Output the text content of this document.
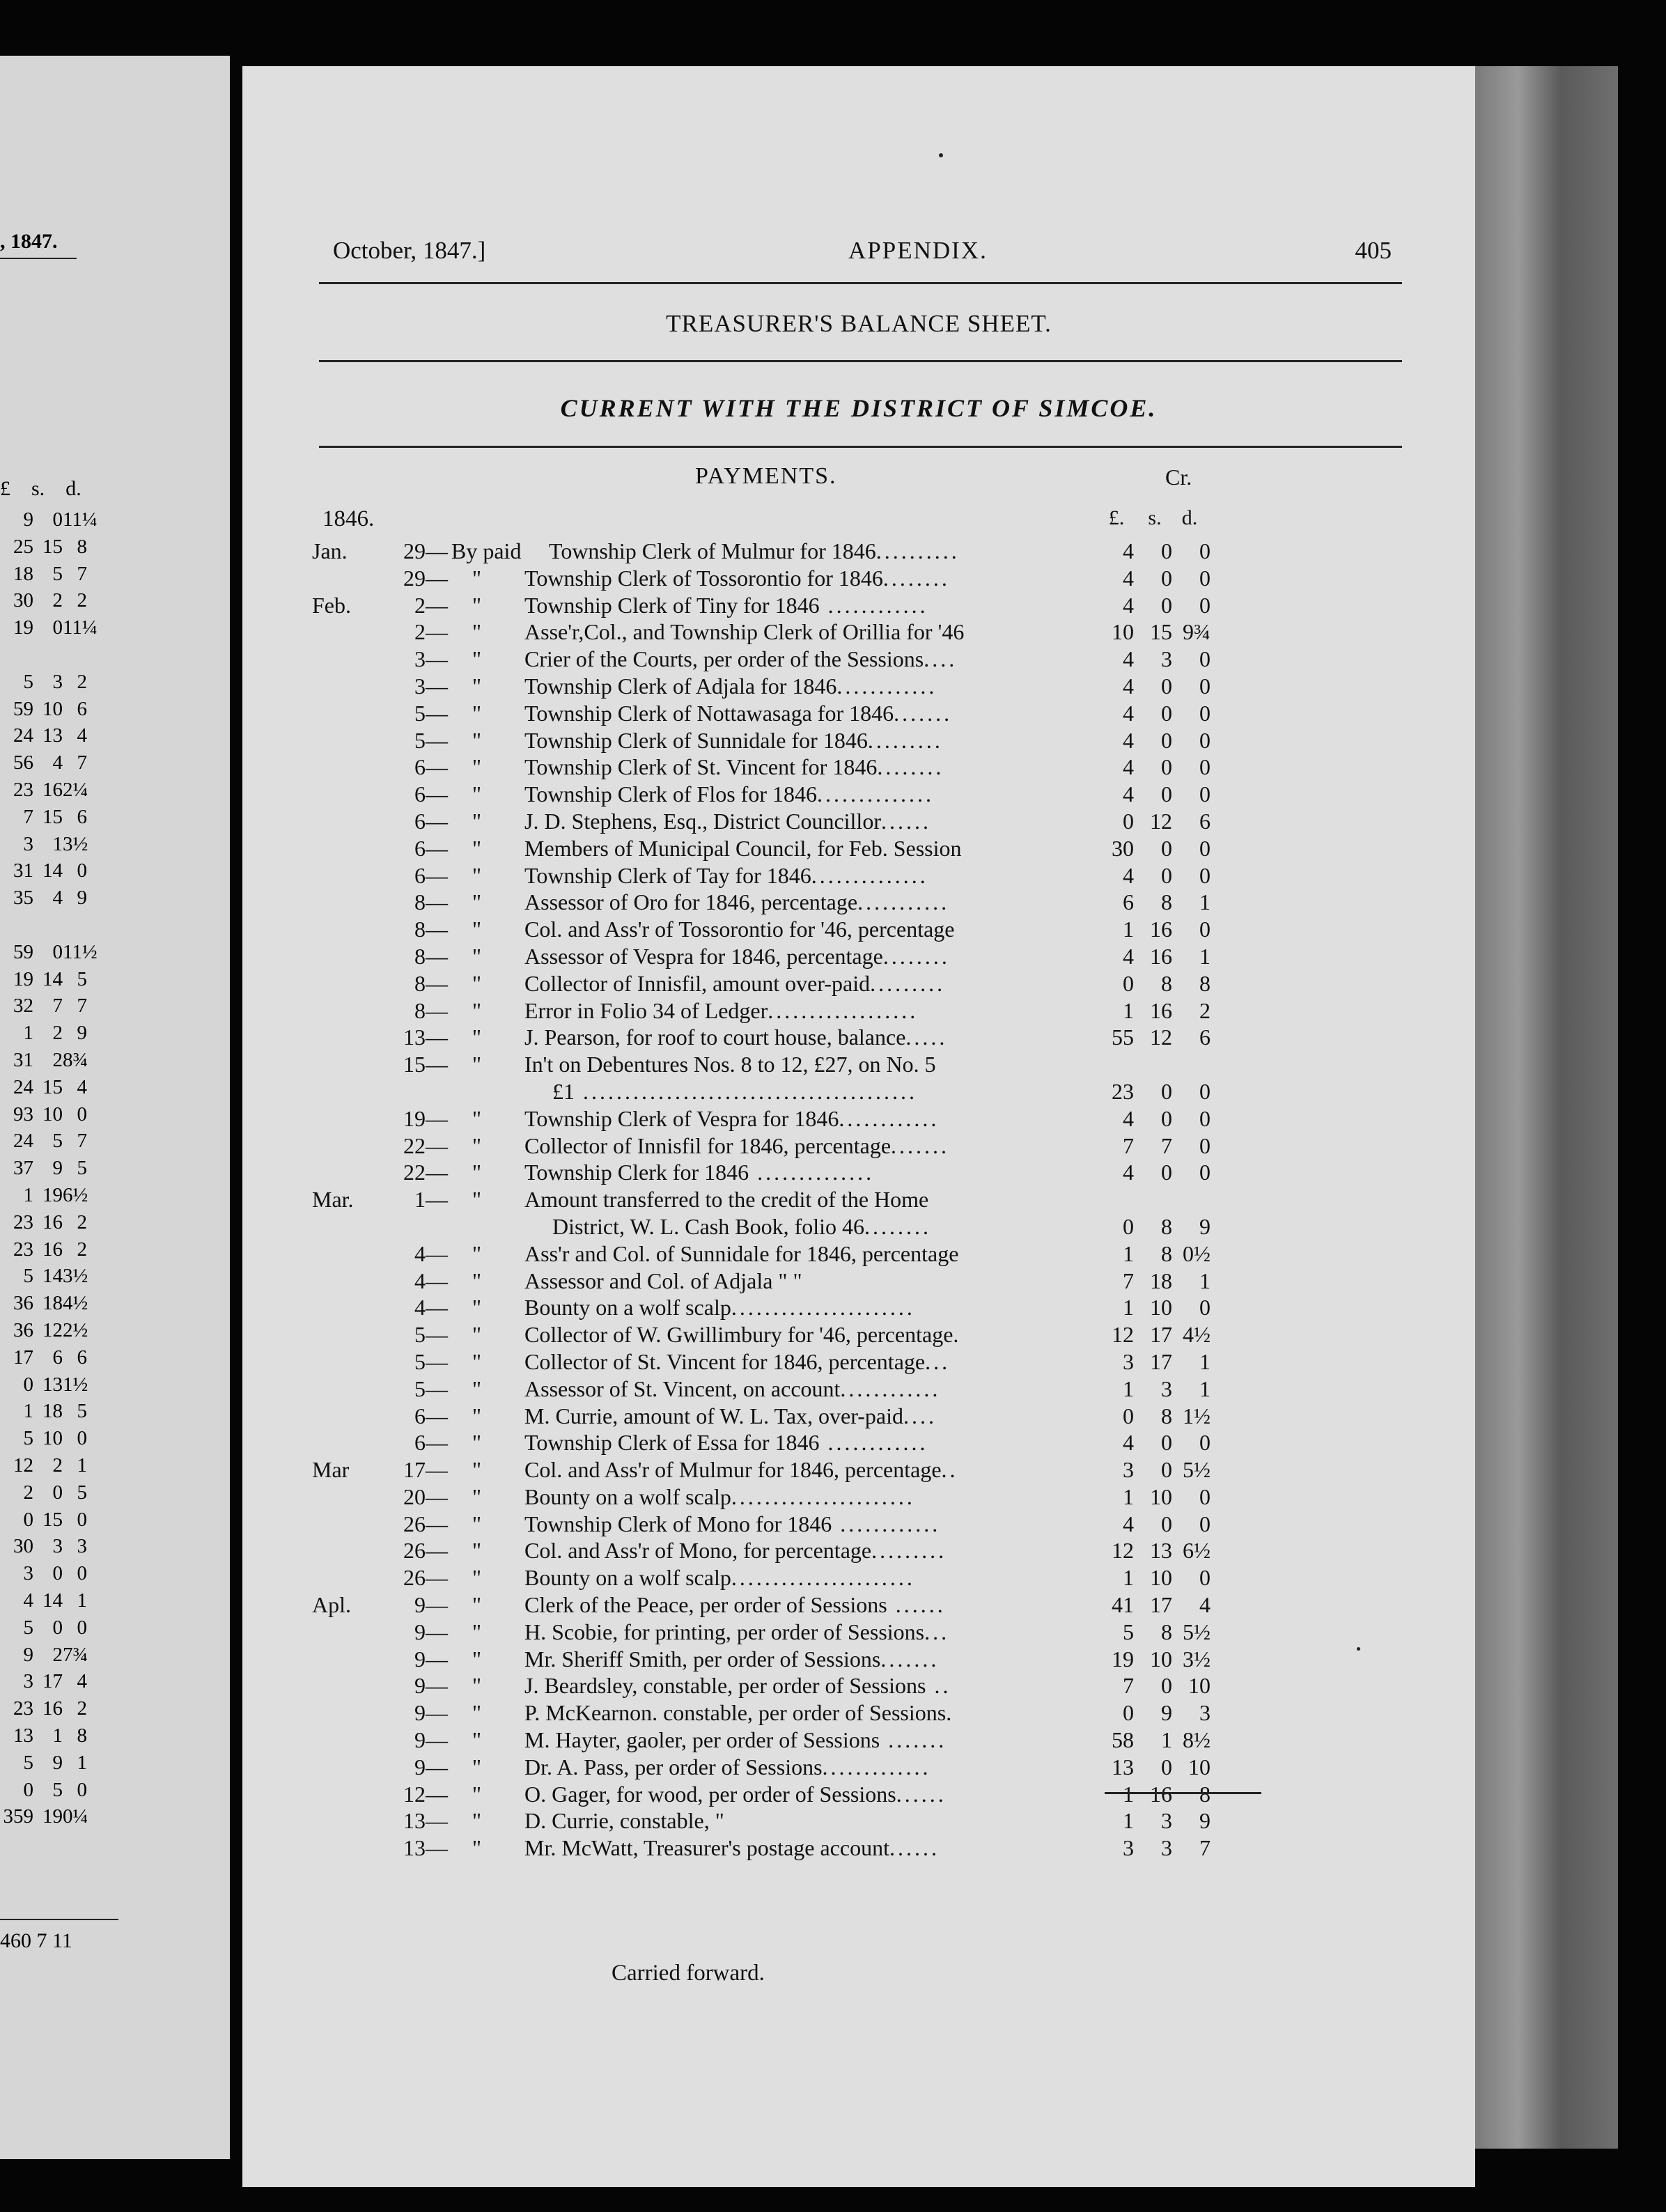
, 1847.
£ s. d.
9 0 11¼
25 15 8
18 5 7
30 2 2
19 0 11¼
5 3 2
59 10 6
24 13 4
56 4 7
23 16 2¼
7 15 6
3 1 3½
31 14 0
35 4 9
59 0 11½
19 14 5
32 7 7
1 2 9
31 2 8¾
24 15 4
93 10 0
24 5 7
37 9 5
1 19 6½
23 16 2
23 16 2
5 14 3½
36 18 4½
36 12 2½
17 6 6
0 13 1½
1 18 5
5 10 0
12 2 1
2 0 5
0 15 0
30 3 3
3 0 0
4 14 1
5 0 0
9 2 7¾
3 17 4
23 16 2
13 1 8
5 9 1
0 5 0
359 19 0¼
460 7 11
October, 1847.]	APPENDIX.	405
TREASURER'S BALANCE SHEET.
CURRENT WITH THE DISTRICT OF SIMCOE.
PAYMENTS.	Cr.
1846.	£.	s. d.
Jan.	29— By paid Township Clerk of Mulmur for 1846..........	4	0	0
29— " Township Clerk of Tossorontio for 1846........	4	0	0
Feb.	2— " Township Clerk of Tiny for 1846 ............	4	0	0
2— " Asse'r,Col., and Township Clerk of Orillia for '46	10 15 9¾
3— " Crier of the Courts, per order of the Sessions....	4	3	0
3— " Township Clerk of Adjala for 1846............	4	0	0
5— " Township Clerk of Nottawasaga for 1846.......	4	0	0
5— " Township Clerk of Sunnidale for 1846.........	4	0	0
6— " Township Clerk of St. Vincent for 1846........	4	0	0
6— " Township Clerk of Flos for 1846..............	4	0	0
6— " J. D. Stephens, Esq., District Councillor......	0 12	6
6— " Members of Municipal Council, for Feb. Session	30	0	0
6— " Township Clerk of Tay for 1846..............	4	0	0
8— " Assessor of Oro for 1846, percentage...........	6	8	1
8— " Col. and Ass'r of Tossorontio for '46, percentage	1 16	0
8— " Assessor of Vespra for 1846, percentage........	4 16	1
8— " Collector of Innisfil, amount over-paid.........	0	8	8
8— " Error in Folio 34 of Ledger..................	1 16	2
13— " J. Pearson, for roof to court house, balance.....	55 12	6
15— " In't on Debentures Nos. 8 to 12, £27, on No. 5
£1 ........................................	23	0	0
19— " Township Clerk of Vespra for 1846............	4	0	0
22— " Collector of Innisfil for 1846, percentage.......	7	7	0
22— " Township Clerk for 1846 ..............	4	0	0
Mar.	1— " Amount transferred to the credit of the Home
District, W. L. Cash Book, folio 46........	0	8	9
4— " Ass'r and Col. of Sunnidale for 1846, percentage	1	8 0½
4— " Assessor and Col. of Adjala " "	7 18	1
4— " Bounty on a wolf scalp......................	1 10	0
5— " Collector of W. Gwillimbury for '46, percentage.	12 17 4½
5— " Collector of St. Vincent for 1846, percentage...	3 17	1
5— " Assessor of St. Vincent, on account............	1	3	1
6— " M. Currie, amount of W. L. Tax, over-paid....	0	8 1½
6— " Township Clerk of Essa for 1846 ............	4	0	0
Mar	17— " Col. and Ass'r of Mulmur for 1846, percentage..	3	0 5½
20— " Bounty on a wolf scalp......................	1 10	0
26— " Township Clerk of Mono for 1846 ............	4	0	0
26— " Col. and Ass'r of Mono, for percentage.........	12 13 6½
26— " Bounty on a wolf scalp......................	1 10	0
Apl.	9— " Clerk of the Peace, per order of Sessions ......	41 17	4
9— " H. Scobie, for printing, per order of Sessions...	5	8 5½
9— " Mr. Sheriff Smith, per order of Sessions.......	19 10 3½
9— " J. Beardsley, constable, per order of Sessions ..	7	0 10
9— " P. McKearnon. constable, per order of Sessions.	0	9	3
9— " M. Hayter, gaoler, per order of Sessions .......	58	1 8½
9— " Dr. A. Pass, per order of Sessions.............	13	0 10
12— " O. Gager, for wood, per order of Sessions......	1 16	8
13— " D. Currie, constable, "	1	3	9
13— " Mr. McWatt, Treasurer's postage account......	3	3	7
Carried forward.
